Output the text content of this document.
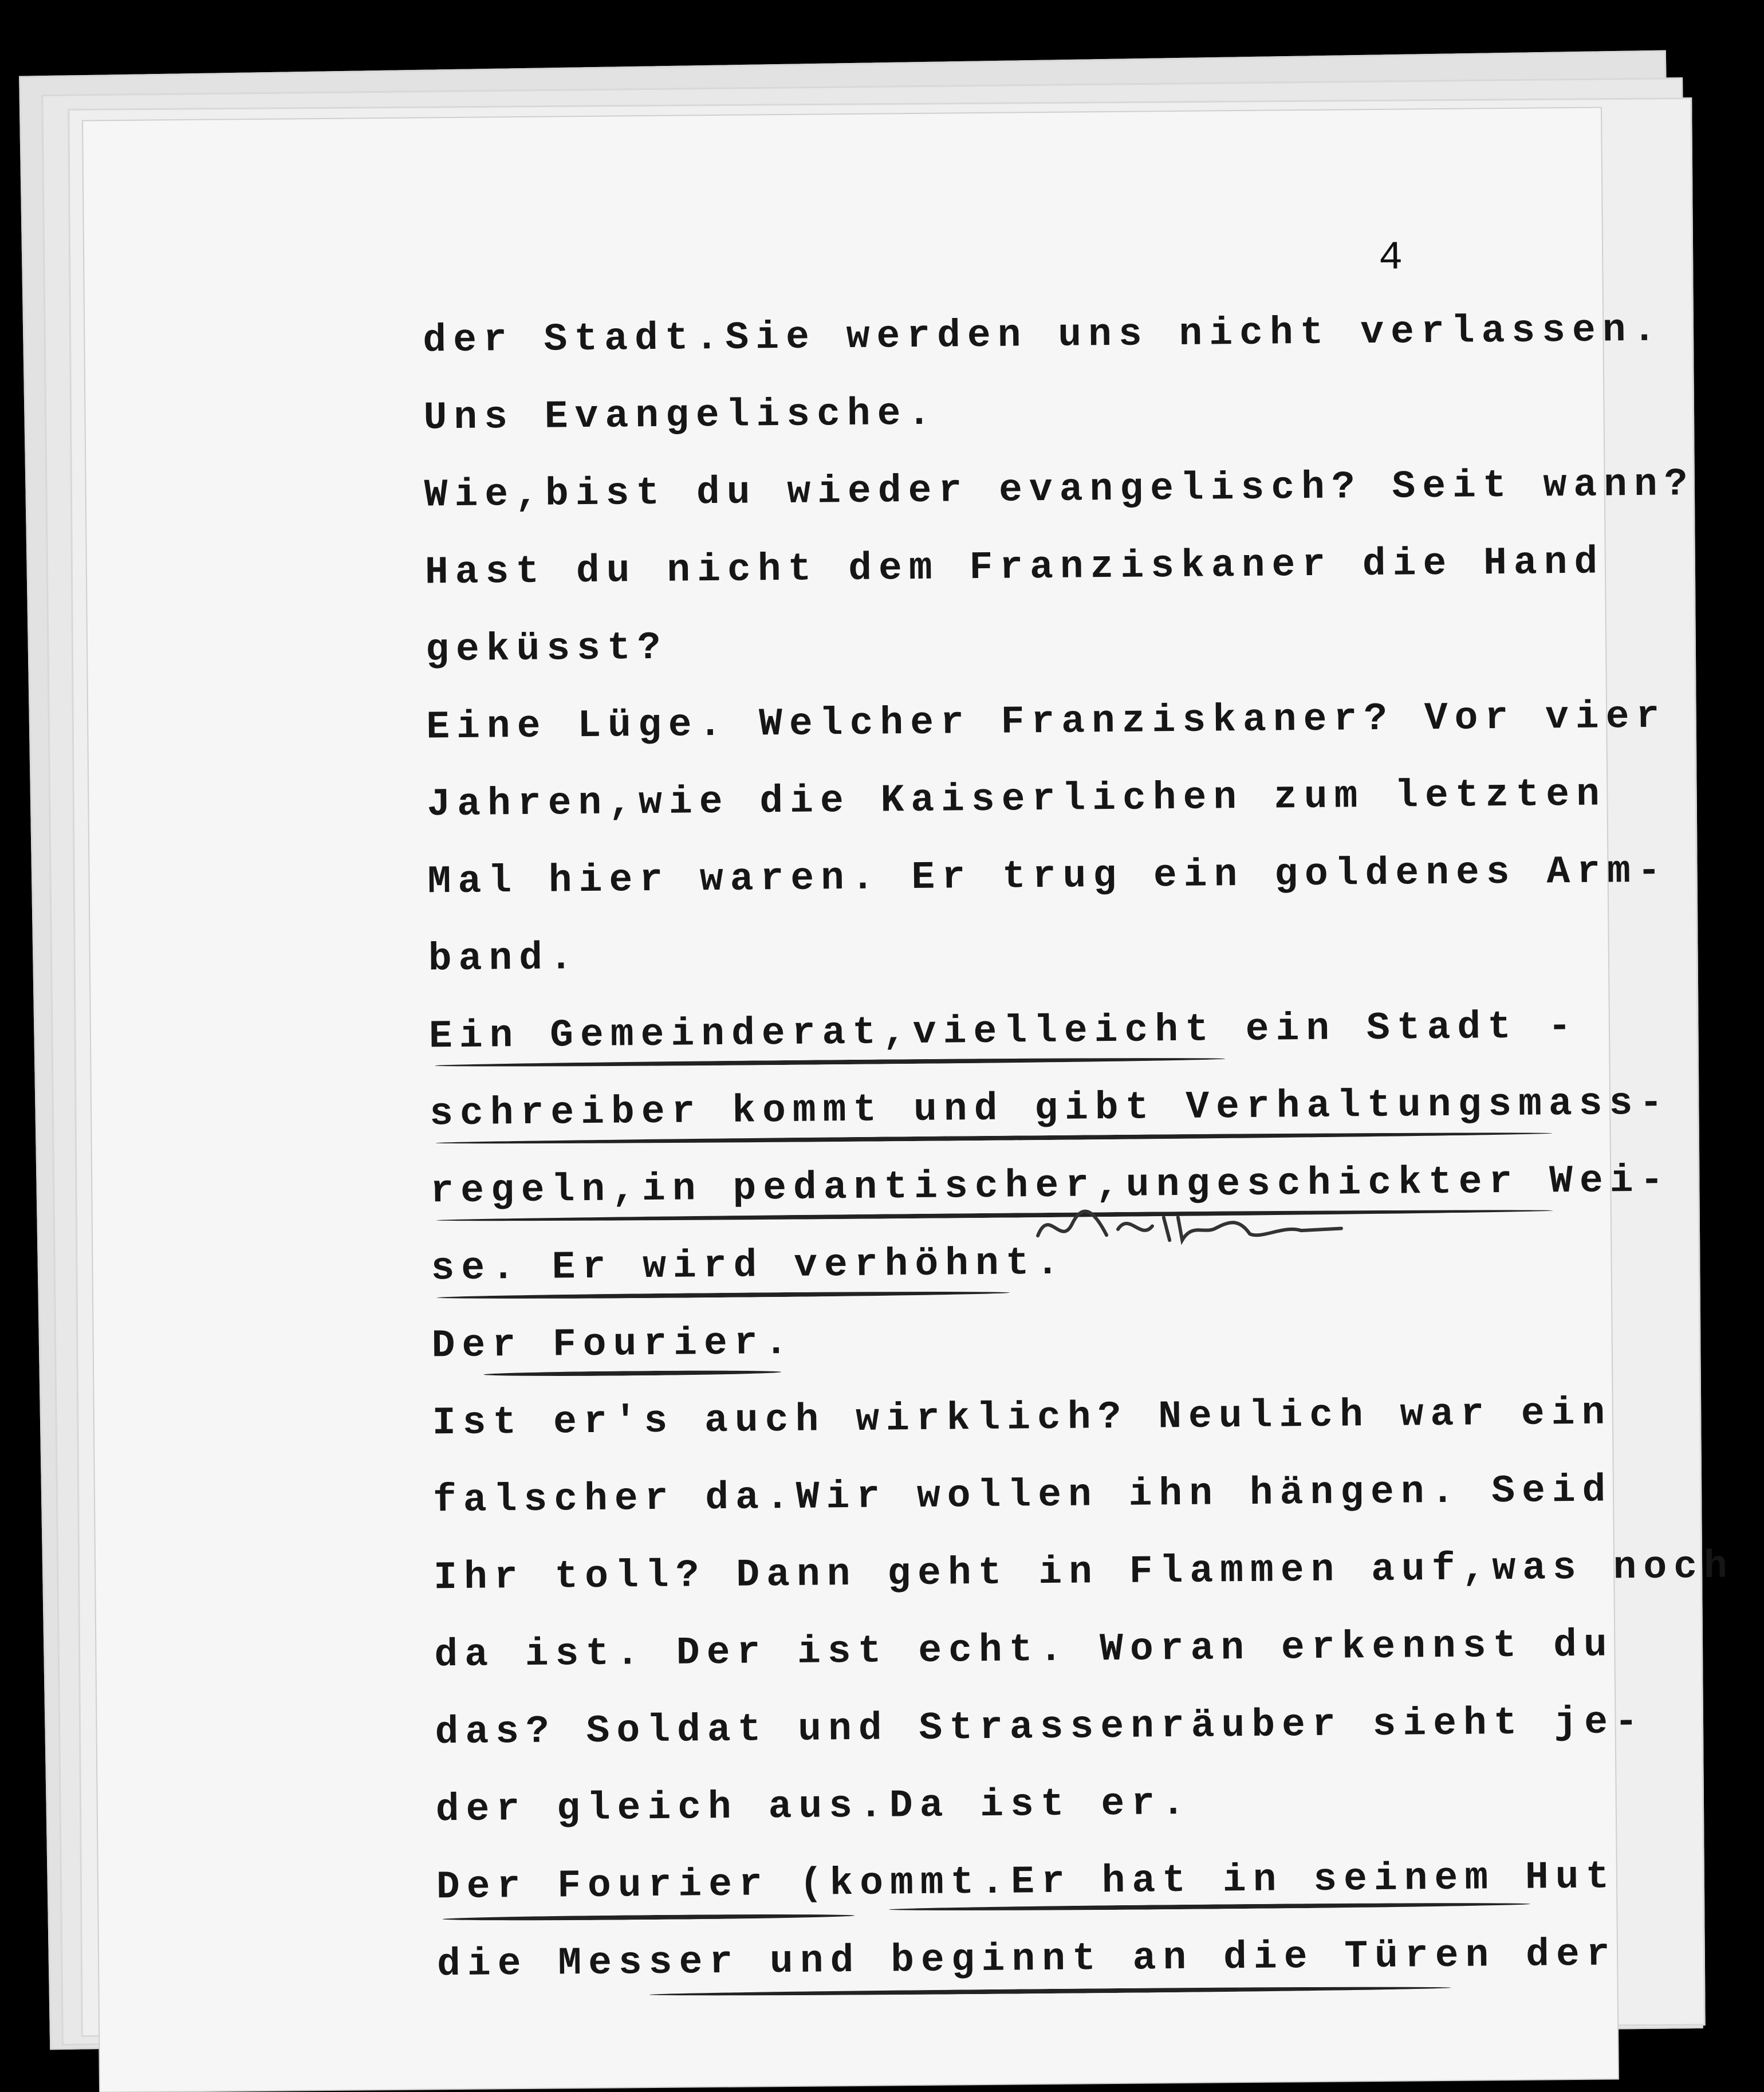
4
der Stadt.Sie werden uns nicht verlassen.
Uns Evangelische.
Wie,bist du wieder evangelisch? Seit wann?
Hast du nicht dem Franziskaner die Hand
geküsst?
Eine Lüge. Welcher Franziskaner? Vor vier
Jahren,wie die Kaiserlichen zum letzten
Mal hier waren. Er trug ein goldenes Arm-
band.
Ein Gemeinderat,vielleicht ein Stadt -
schreiber kommt und gibt Verhaltungsmass-
regeln,in pedantischer,ungeschickter Wei-
se. Er wird verhöhnt.
Der Fourier.
Ist er's auch wirklich? Neulich war ein
falscher da.Wir wollen ihn hängen. Seid
Ihr toll? Dann geht in Flammen auf,was noch
da ist. Der ist echt. Woran erkennst du
das? Soldat und Strassenräuber sieht je-
der gleich aus.Da ist er.
Der Fourier (kommt.Er hat in seinem Hut
die Messer und beginnt an die Türen der
